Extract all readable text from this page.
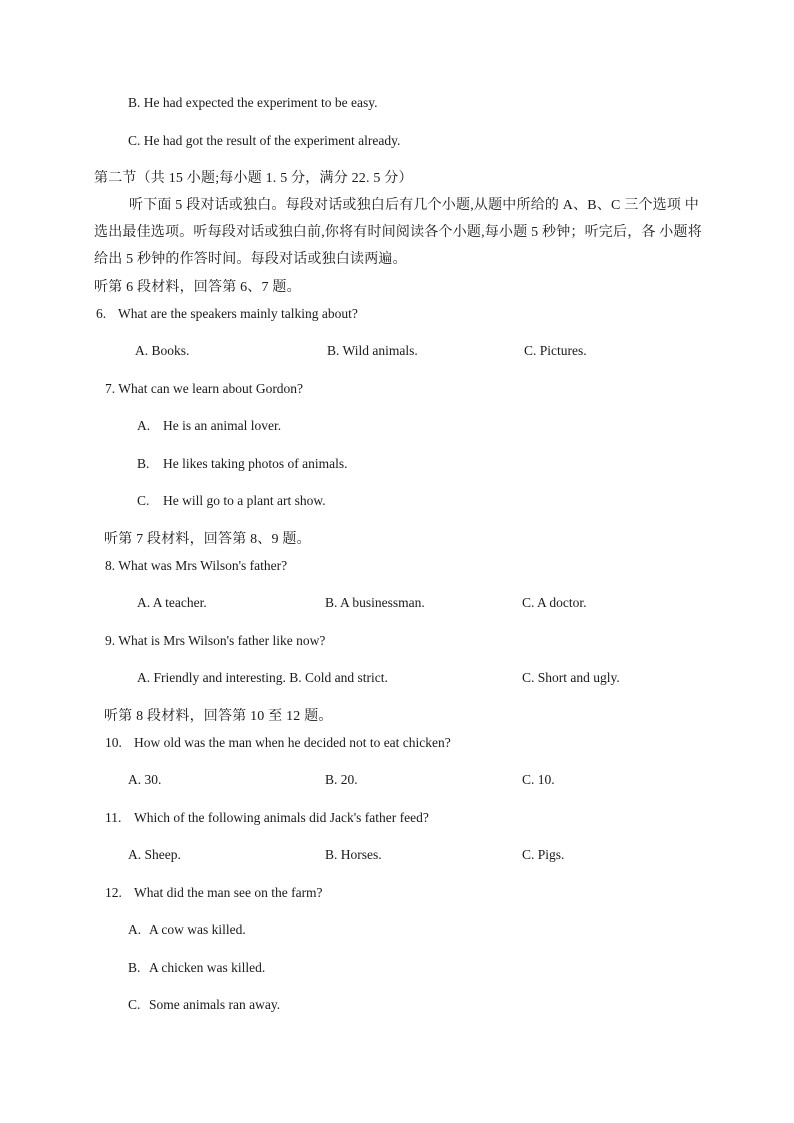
B. He had expected the experiment to be easy.
C. He had got the result of the experiment already.
第二节（共 15 小题;每小题 1. 5 分，满分 22. 5 分）
听下面 5 段对话或独白。每段对话或独白后有几个小题,从题中所给的 A、B、C 三个选项 中
选出最佳选项。听每段对话或独白前,你将有时间阅读各个小题,每小题 5 秒钟；听完后，各 小题将
给出 5 秒钟的作答时间。每段对话或独白读两遍。
听第 6 段材料，回答第 6、7 题。
6. What are the speakers mainly talking about?
A. Books.	B. Wild animals.	C. Pictures.
7. What can we learn about Gordon?
A. He is an animal lover.
B. He likes taking photos of animals.
C. He will go to a plant art show.
听第 7 段材料，回答第 8、9 题。
8. What was Mrs Wilson's father?
A. A teacher.	B. A businessman.	C. A doctor.
9. What is Mrs Wilson's father like now?
A. Friendly and interesting. B. Cold and strict.	C. Short and ugly.
听第 8 段材料，回答第 10 至 12 题。
10. How old was the man when he decided not to eat chicken?
A. 30.	B. 20.	C. 10.
11. Which of the following animals did Jack's father feed?
A. Sheep.	B. Horses.	C. Pigs.
12. What did the man see on the farm?
A. A cow was killed.
B. A chicken was killed.
C. Some animals ran away.
